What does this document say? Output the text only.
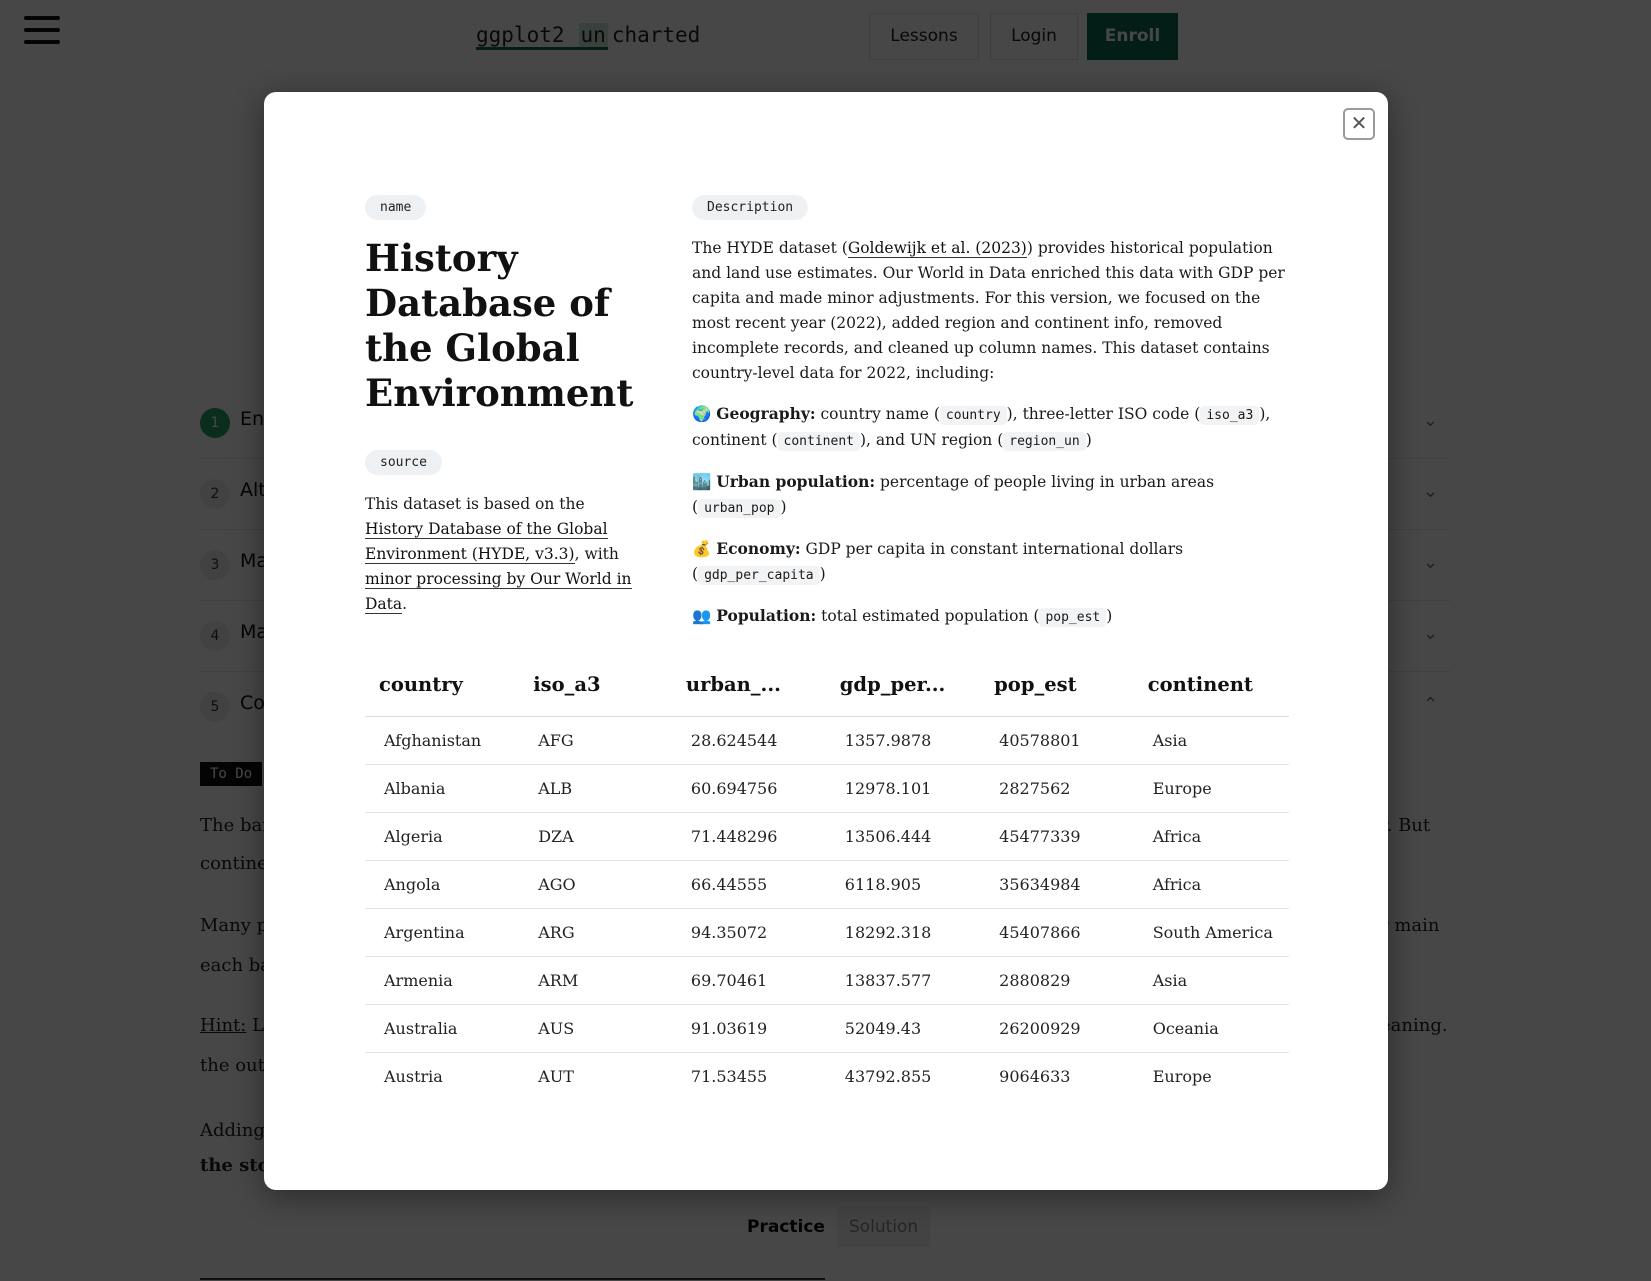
✕
name
History Database of the Global Environment
source
This dataset is based on the History Database of the Global Environment (HYDE, v3.3), with minor processing by Our World in Data.
Description

The HYDE dataset (Goldewijk et al. (2023)) provides historical population and land use estimates. Our World in Data enriched this data with GDP per capita and made minor adjustments. For this version, we focused on the most recent year (2022), added region and continent info, removed incomplete records, and cleaned up column names. This dataset contains country-level data for 2022, including:

🌍 Geography: country name ( country ), three-letter ISO code ( iso_a3 ), continent ( continent ), and UN region ( region_un )

🏙️ Urban population: percentage of people living in urban areas ( urban_pop )

💰 Economy: GDP per capita in constant international dollars ( gdp_per_capita )

👥 Population: total estimated population ( pop_est )

country	iso_a3	urban_...	gdp_per...	pop_est	continent
Afghanistan	AFG	28.624544	1357.9878	40578801	Asia
Albania	ALB	60.694756	12978.101	2827562	Europe
Algeria	DZA	71.448296	13506.444	45477339	Africa
Angola	AGO	66.44555	6118.905	35634984	Africa
Argentina	ARG	94.35072	18292.318	45407866	South America
Armenia	ARM	69.70461	13837.577	2880829	Asia
Australia	AUS	91.03619	52049.43	26200929	Oceania
Austria	AUT	71.53455	43792.855	9064633	Europe
